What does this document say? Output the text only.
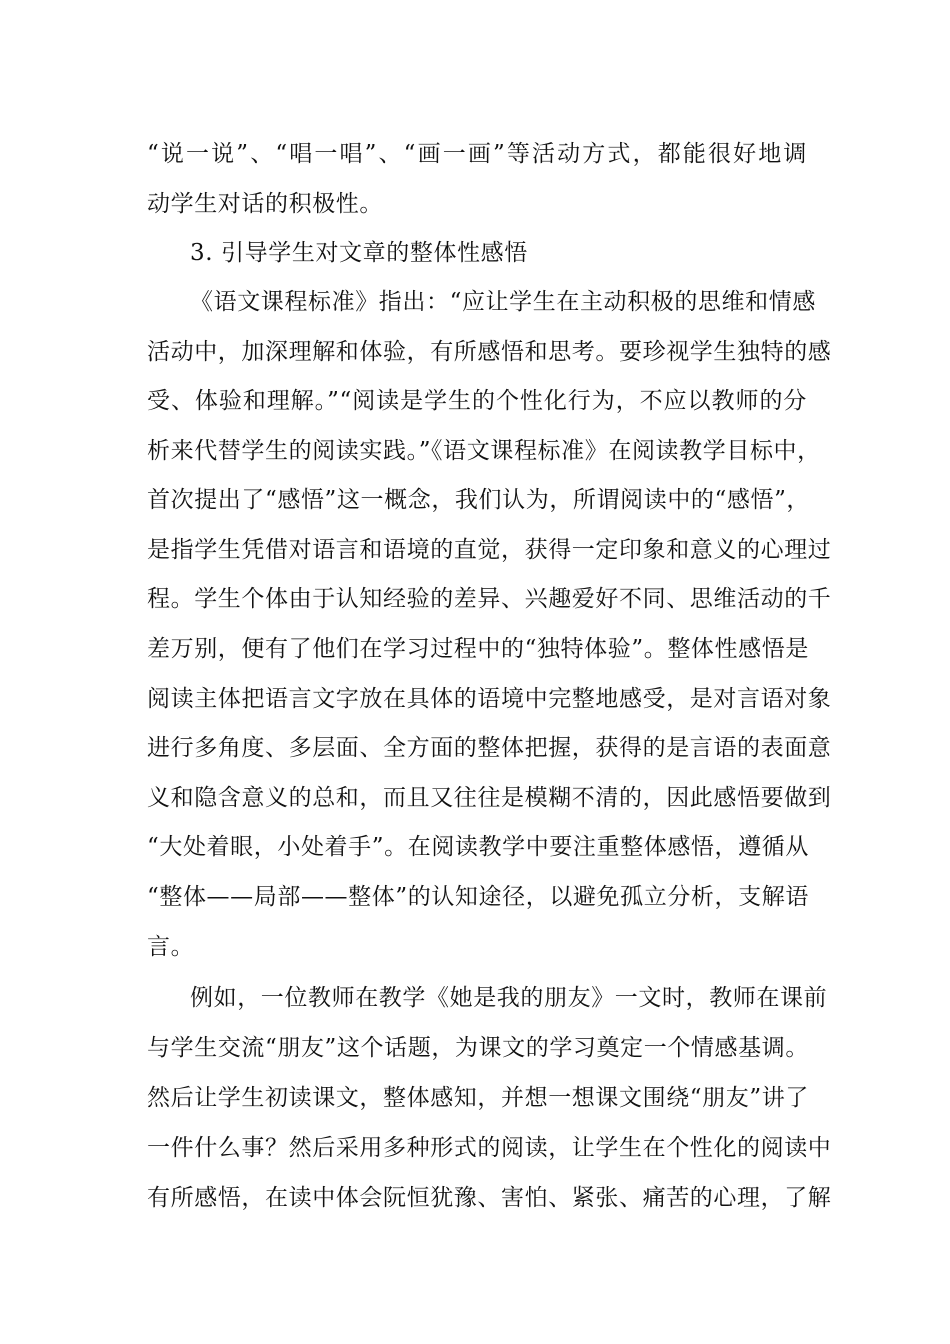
“说一说”、“唱一唱”、“画一画”等活动方式，都能很好地调
动学生对话的积极性。
3. 引导学生对文章的整体性感悟
《语文课程标准》指出：“应让学生在主动积极的思维和情感
活动中，加深理解和体验，有所感悟和思考。要珍视学生独特的感
受、体验和理解。”“阅读是学生的个性化行为，不应以教师的分
析来代替学生的阅读实践。”《语文课程标准》在阅读教学目标中，
首次提出了“感悟”这一概念，我们认为，所谓阅读中的“感悟”，
是指学生凭借对语言和语境的直觉，获得一定印象和意义的心理过
程。学生个体由于认知经验的差异、兴趣爱好不同、思维活动的千
差万别，便有了他们在学习过程中的“独特体验”。整体性感悟是
阅读主体把语言文字放在具体的语境中完整地感受，是对言语对象
进行多角度、多层面、全方面的整体把握，获得的是言语的表面意
义和隐含意义的总和，而且又往往是模糊不清的，因此感悟要做到
“大处着眼，小处着手”。在阅读教学中要注重整体感悟，遵循从
“整体——局部——整体”的认知途径，以避免孤立分析，支解语
言。
例如，一位教师在教学《她是我的朋友》一文时，教师在课前
与学生交流“朋友”这个话题，为课文的学习奠定一个情感基调。
然后让学生初读课文，整体感知，并想一想课文围绕“朋友”讲了
一件什么事？然后采用多种形式的阅读，让学生在个性化的阅读中
有所感悟，在读中体会阮恒犹豫、害怕、紧张、痛苦的心理，了解
